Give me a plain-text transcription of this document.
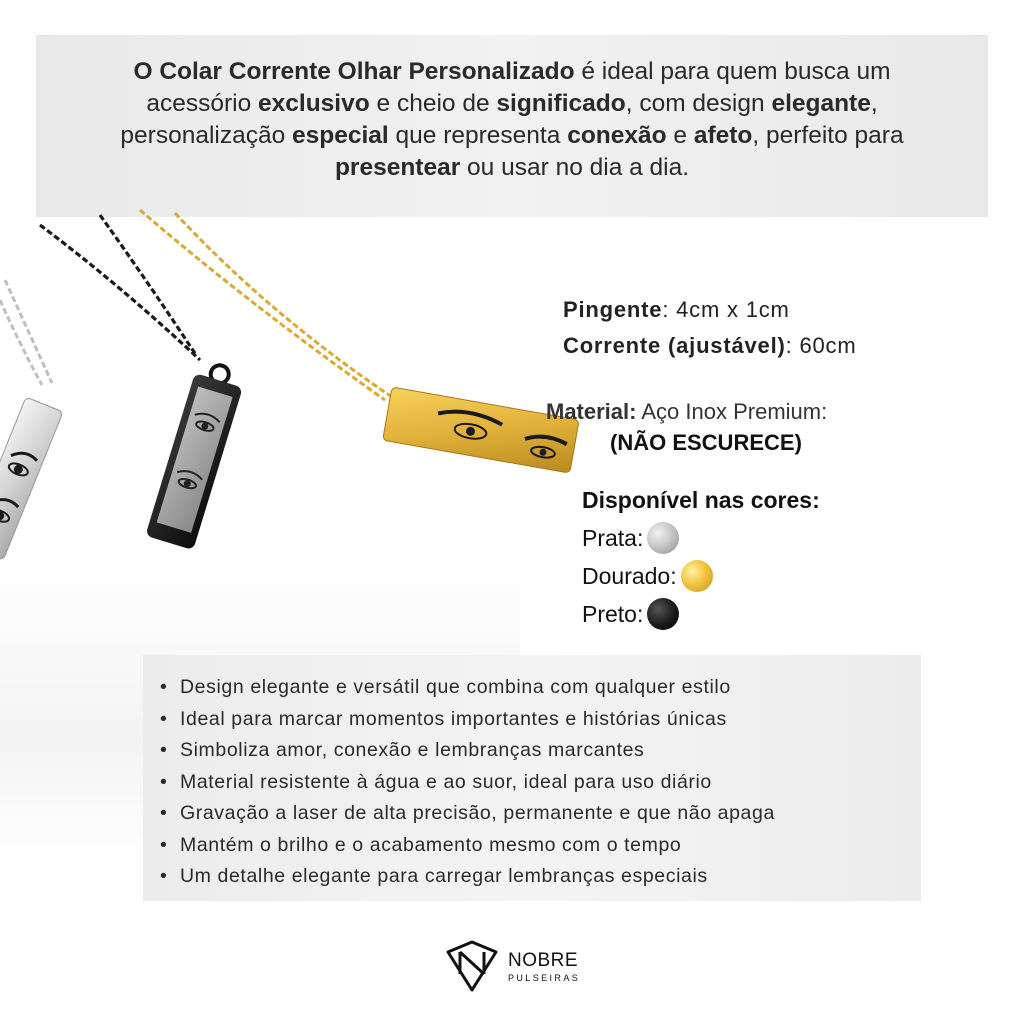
O Colar Corrente Olhar Personalizado é ideal para quem busca um
acessório exclusivo e cheio de significado, com design elegante,
personalização especial que representa conexão e afeto, perfeito para
presentear ou usar no dia a dia.
Pingente: 4cm x 1cm
Corrente (ajustável): 60cm
Material: Aço Inox Premium:
(NÃO ESCURECE)
Disponível nas cores:
Prata:
Dourado:
Preto:
• Design elegante e versátil que combina com qualquer estilo
• Ideal para marcar momentos importantes e histórias únicas
• Simboliza amor, conexão e lembranças marcantes
• Material resistente à água e ao suor, ideal para uso diário
• Gravação a laser de alta precisão, permanente e que não apaga
• Mantém o brilho e o acabamento mesmo com o tempo
• Um detalhe elegante para carregar lembranças especiais
NOBRE
PULSEIRAS
